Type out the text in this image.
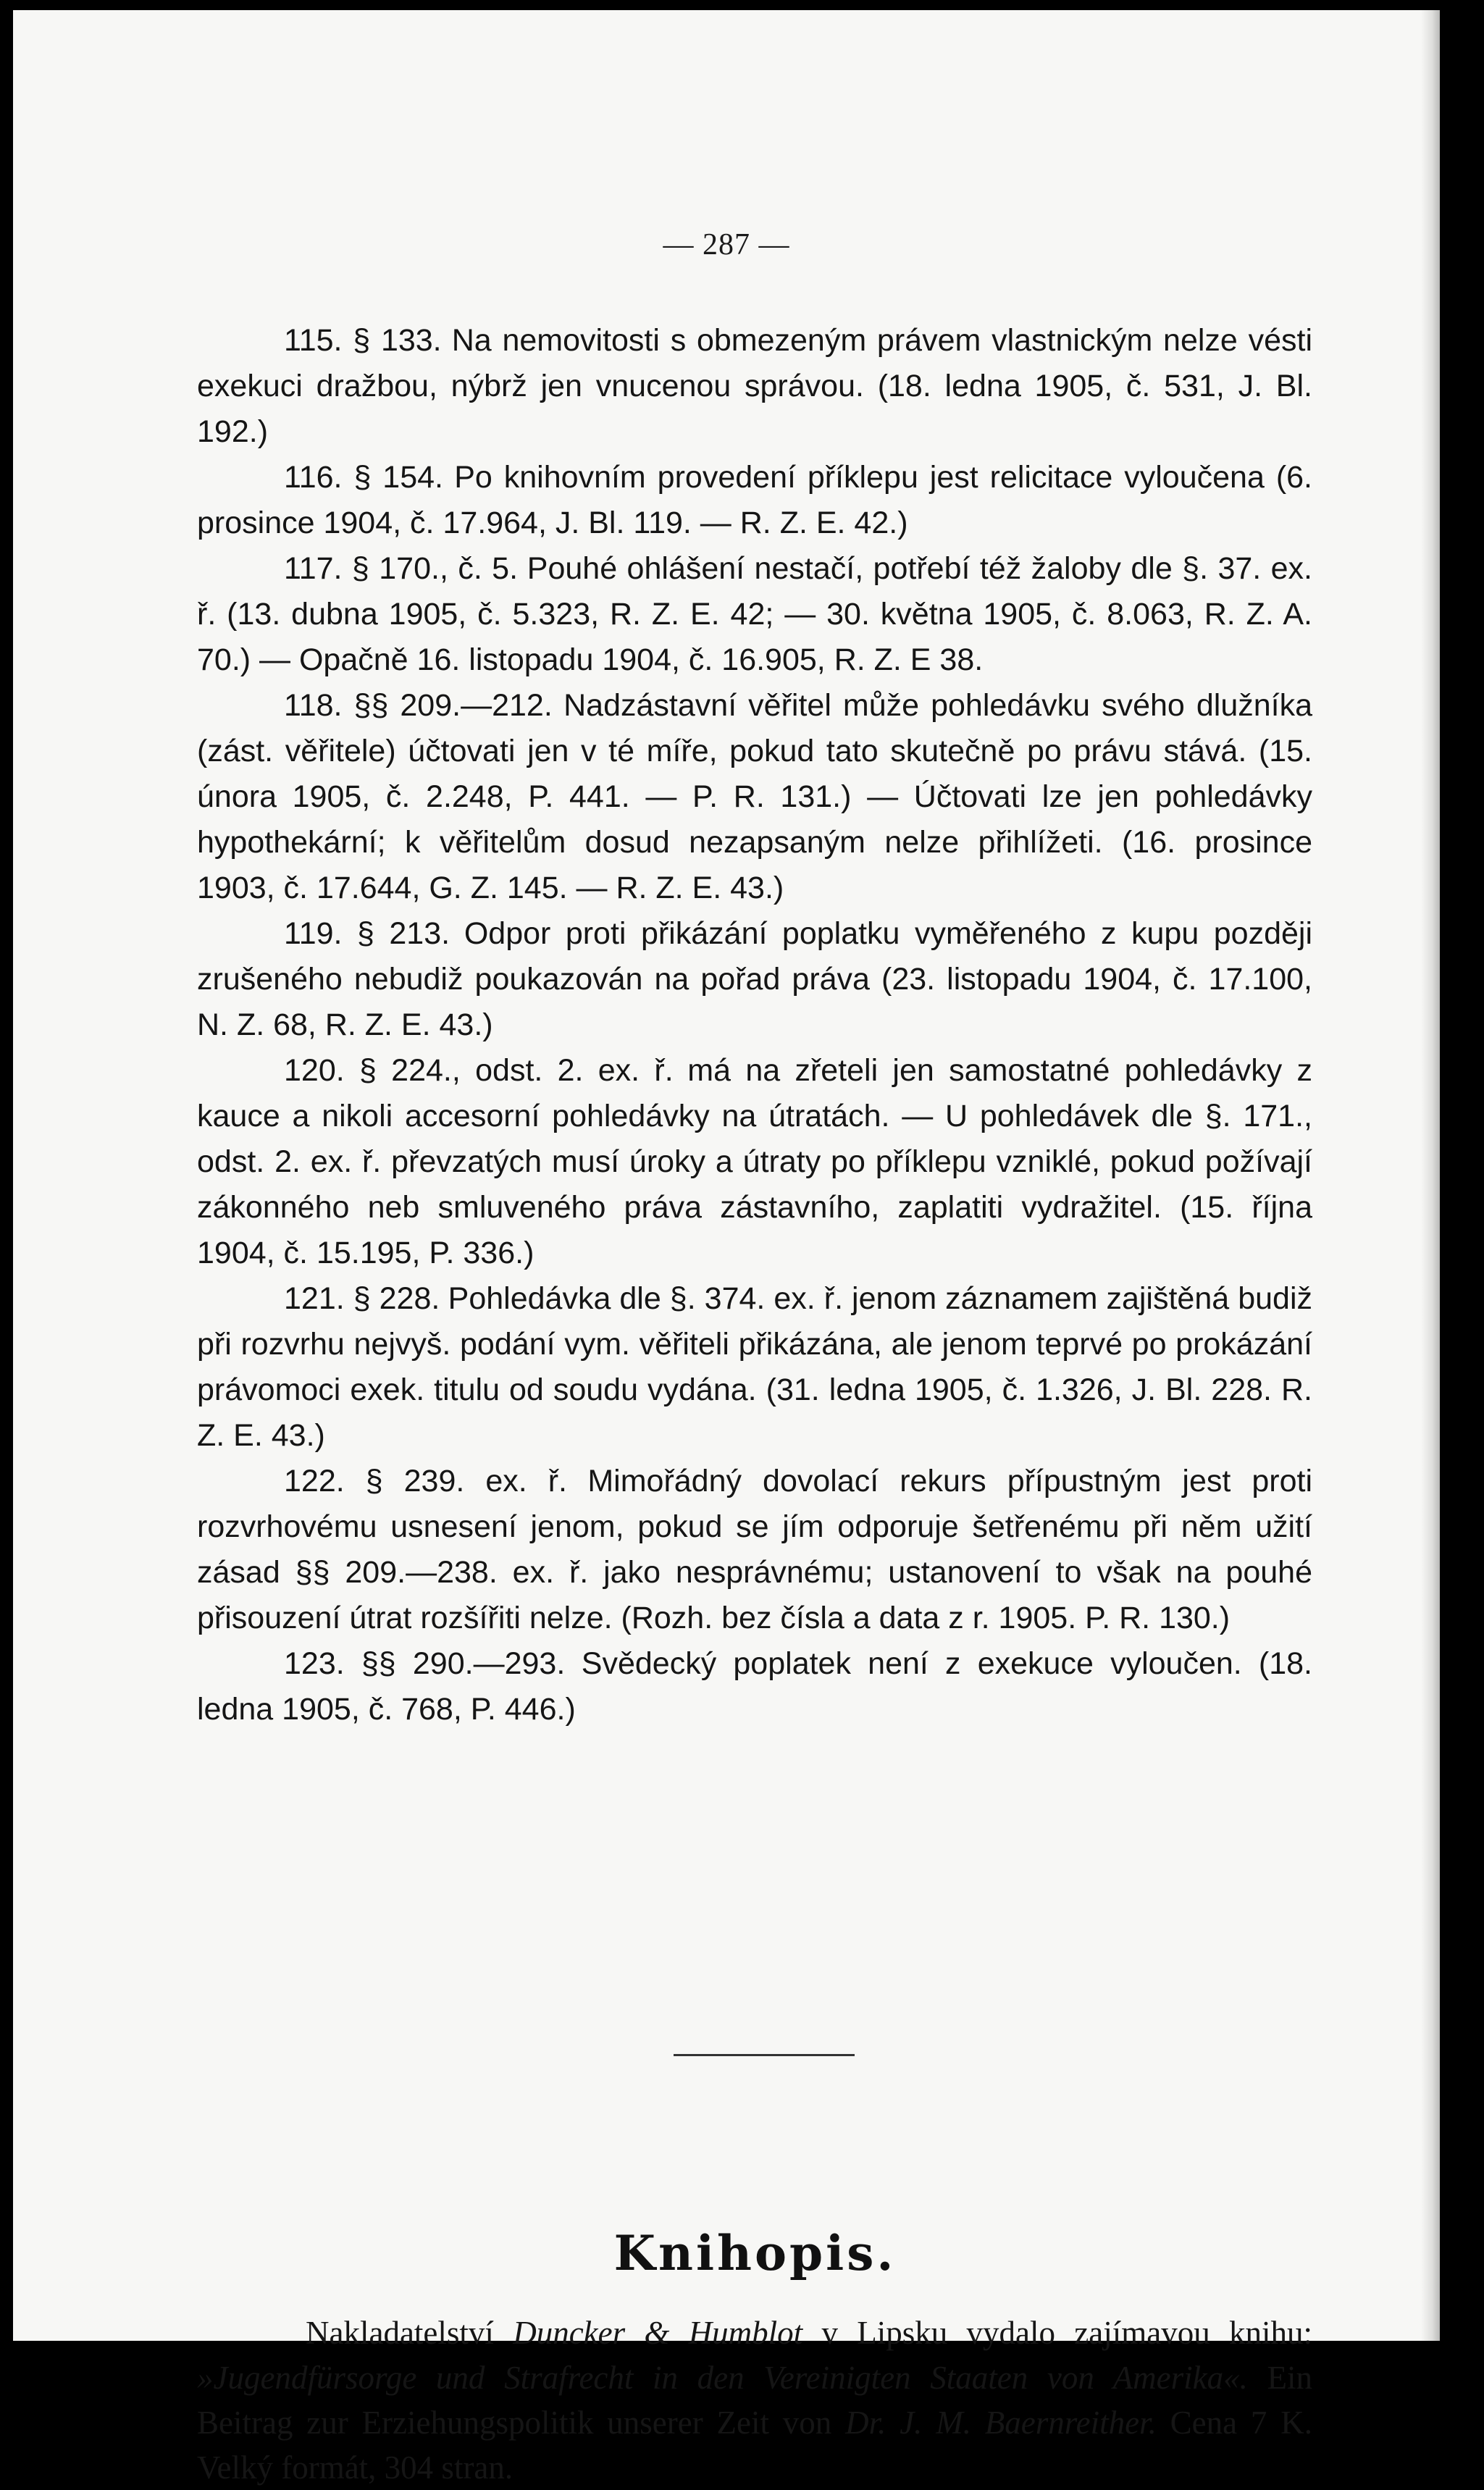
— 287 —

115. § 133. Na nemovitosti s obmezeným právem vlastnickým nelze vésti exekuci dražbou, nýbrž jen vnucenou správou. (18. ledna 1905, č. 531, J. Bl. 192.)

116. § 154. Po knihovním provedení příklepu jest relicitace vyloučena (6. prosince 1904, č. 17.964, J. Bl. 119. — R. Z. E. 42.)

117. § 170., č. 5. Pouhé ohlášení nestačí, potřebí též žaloby dle §. 37. ex. ř. (13. dubna 1905, č. 5.323, R. Z. E. 42; — 30. května 1905, č. 8.063, R. Z. A. 70.) — Opačně 16. listopadu 1904, č. 16.905, R. Z. E 38.

118. §§ 209.—212. Nadzástavní věřitel může pohledávku svého dlužníka (zást. věřitele) účtovati jen v té míře, pokud tato skutečně po právu stává. (15. února 1905, č. 2.248, P. 441. — P. R. 131.) — Účtovati lze jen pohledávky hypothekární; k věřitelům dosud nezapsaným nelze přihlížeti. (16. prosince 1903, č. 17.644, G. Z. 145. — R. Z. E. 43.)

119. § 213. Odpor proti přikázání poplatku vyměřeného z kupu později zrušeného nebudiž poukazován na pořad práva (23. listopadu 1904, č. 17.100, N. Z. 68, R. Z. E. 43.)

120. § 224., odst. 2. ex. ř. má na zřeteli jen samostatné pohledávky z kauce a nikoli accesorní pohledávky na útratách. — U pohledávek dle §. 171., odst. 2. ex. ř. převzatých musí úroky a útraty po příklepu vzniklé, pokud požívají zákonného neb smluveného práva zástavního, zaplatiti vydražitel. (15. října 1904, č. 15.195, P. 336.)

121. § 228. Pohledávka dle §. 374. ex. ř. jenom záznamem zajištěná budiž při rozvrhu nejvyš. podání vym. věřiteli přikázána, ale jenom teprvé po prokázání právomoci exek. titulu od soudu vydána. (31. ledna 1905, č. 1.326, J. Bl. 228. R. Z. E. 43.)

122. § 239. ex. ř. Mimořádný dovolací rekurs přípustným jest proti rozvrhovému usnesení jenom, pokud se jím odporuje šetřenému při něm užití zásad §§ 209.—238. ex. ř. jako nesprávnému; ustanovení to však na pouhé přisouzení útrat rozšířiti nelze. (Rozh. bez čísla a data z r. 1905. P. R. 130.)

123. §§ 290.—293. Svědecký poplatek není z exekuce vyloučen. (18. ledna 1905, č. 768, P. 446.)

Knihopis.

Nakladatelství Duncker & Humblot v Lipsku vydalo zajímavou knihu: »Jugendfürsorge und Strafrecht in den Vereinigten Staaten von Amerika«. Ein Beitrag zur Erziehungspolitik unserer Zeit von Dr. J. M. Baernreither. Cena 7 K. Velký formát, 304 stran.
